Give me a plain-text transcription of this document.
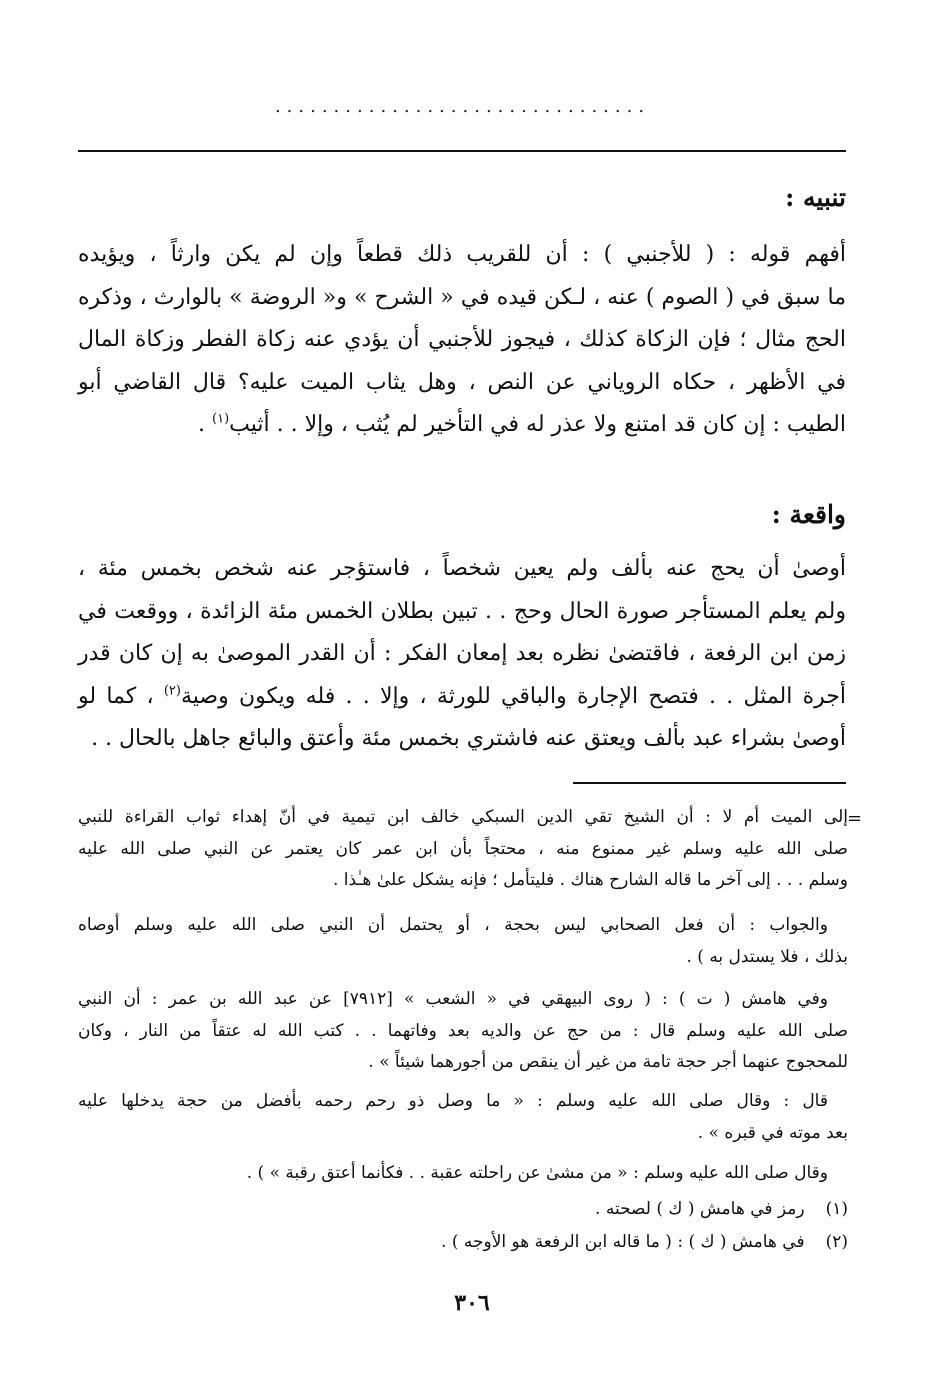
................................
تنبيه :
أفهم قوله : ( للأجنبي ) : أن للقريب ذلك قطعاً وإن لم يكن وارثاً ، ويؤيده
ما سبق في ( الصوم ) عنه ، لـكن قيده في « الشرح » و« الروضة » بالوارث ، وذكره
الحج مثال ؛ فإن الزكاة كذلك ، فيجوز للأجنبي أن يؤدي عنه زكاة الفطر وزكاة المال
في الأظهر ، حكاه الروياني عن النص ، وهل يثاب الميت عليه؟ قال القاضي أبو
الطيب : إن كان قد امتنع ولا عذر له في التأخير لم يُثب ، وإلا . . أثيب$^{(١)}$ .
واقعة :
أوصىٰ أن يحج عنه بألف ولم يعين شخصاً ، فاستؤجر عنه شخص بخمس مئة ،
ولم يعلم المستأجر صورة الحال وحج . . تبين بطلان الخمس مئة الزائدة ، ووقعت في
زمن ابن الرفعة ، فاقتضىٰ نظره بعد إمعان الفكر : أن القدر الموصىٰ به إن كان قدر
أجرة المثل . . فتصح الإجارة والباقي للورثة ، وإلا . . فله ويكون وصية$^{(٢)}$ ، كما لو
أوصىٰ بشراء عبد بألف ويعتق عنه فاشتري بخمس مئة وأعتق والبائع جاهل بالحال . .
=
إلى الميت أم لا : أن الشيخ تقي الدين السبكي خالف ابن تيمية في أنّ إهداء ثواب القراءة للنبي
صلى الله عليه وسلم غير ممنوع منه ، محتجاً بأن ابن عمر كان يعتمر عن النبي صلى الله عليه
وسلم . . . إلى آخر ما قاله الشارح هناك . فليتأمل ؛ فإنه يشكل علىٰ هـٰذا .
والجواب : أن فعل الصحابي ليس بحجة ، أو يحتمل أن النبي صلى الله عليه وسلم أوصاه
بذلك ، فلا يستدل به ) .
وفي هامش ( ت ) : ( روى البيهقي في « الشعب » [٧٩١٢] عن عبد الله بن عمر : أن النبي
صلى الله عليه وسلم قال : من حج عن والديه بعد وفاتهما . . كتب الله له عتقاً من النار ، وكان
للمحجوج عنهما أجر حجة تامة من غير أن ينقص من أجورهما شيئاً » .
قال : وقال صلى الله عليه وسلم : « ما وصل ذو رحم رحمه بأفضل من حجة يدخلها عليه
بعد موته في قبره » .
وقال صلى الله عليه وسلم : « من مشىٰ عن راحلته عقبة . . فكأنما أعتق رقبة » ) .
(١) رمز في هامش ( ك ) لصحته .
(٢) في هامش ( ك ) : ( ما قاله ابن الرفعة هو الأوجه ) .
٣٠٦
